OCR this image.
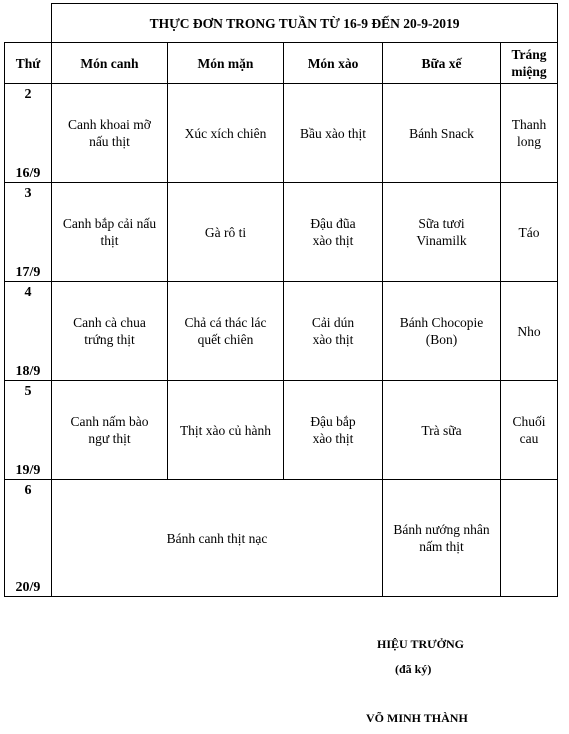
	THỰC ĐƠN TRONG TUẦN TỪ 16-9 ĐẾN 20-9-2019				
Thứ	Món canh	Món mặn	Món xào	Bữa xế	Tráng miệng

2
16/9	Canh khoai mỡ nấu thịt	Xúc xích chiên	Bầu xào thịt	Bánh Snack	Thanh long

3
17/9	Canh bắp cải nấu thịt	Gà rô ti	Đậu đũa xào thịt	Sữa tươi Vinamilk	Táo

4
18/9	Canh cà chua trứng thịt	Chả cá thác lác quết chiên	Cải dún xào thịt	Bánh Chocopie (Bon)	Nho

5
19/9	Canh nấm bào ngư thịt	Thịt xào củ hành	Đậu bắp xào thịt	Trà sữa	Chuối cau

6
20/9	Bánh canh thịt nạc			Bánh nướng nhân nấm thịt	
HIỆU TRƯỞNG
(đã ký)
VÕ MINH THÀNH
